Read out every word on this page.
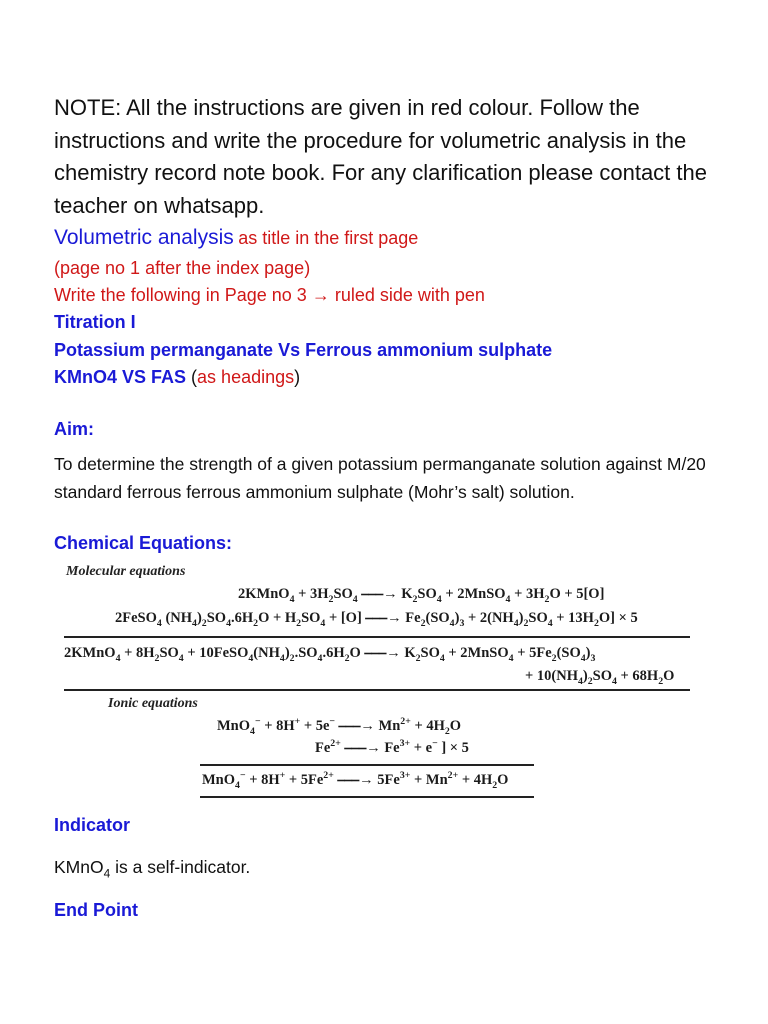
NOTE: All the instructions are given in red colour. Follow the instructions and write the procedure for volumetric analysis in the chemistry record note book. For any clarification please contact the teacher on whatsapp.
Volumetric analysis as title in the first page
(page no 1 after the index page)
Write the following in Page no 3 → ruled side with pen
Titration I
Potassium permanganate Vs Ferrous ammonium sulphate
KMnO4 VS FAS (as headings)
Aim:
To determine the strength of a given potassium permanganate solution against M/20 standard ferrous ferrous ammonium sulphate (Mohr’s salt) solution.
Chemical Equations:
Molecular equations
2KMnO$_4$ + $3H_2SO_4$ ⎯⎯⎯→ $K_2SO_4$ + 2MnSO$_4$ + $3H_2O + 5[O]$
2FeSO$_4$ $(NH_4)_2SO_4.6H_2O + H_2SO_4 + [O]$ ⎯⎯⎯→ $Fe_2(SO_4)_3 + 2(NH_4)_2SO_4 + 13H_2O] \times 5$
2KMnO$_4$ + $8H_2SO_4$ + $10FeSO_4(NH_4)_2.SO_4.6H_2O$ ⎯⎯⎯→ $K_2SO_4$ + 2MnSO$_4$ + $5Fe_2(SO_4)_3$
+ $10(NH_4)_2SO_4 + 68H_2O$
Ionic equations
MnO$_4$− + 8H+ + 5e− ⎯⎯⎯→ $Mn^{2+} + 4H_2O$
$Fe^{2+}$ ⎯⎯⎯→ $Fe^{3+} + e^-$ ] × 5
$MnO_4^- + 8H^+ + 5Fe^{2+}$ ⎯⎯⎯→ $5Fe^{3+} + Mn^{2+} + 4H_2O$
Indicator
KMnO$_4$ is a self-indicator.
End Point
